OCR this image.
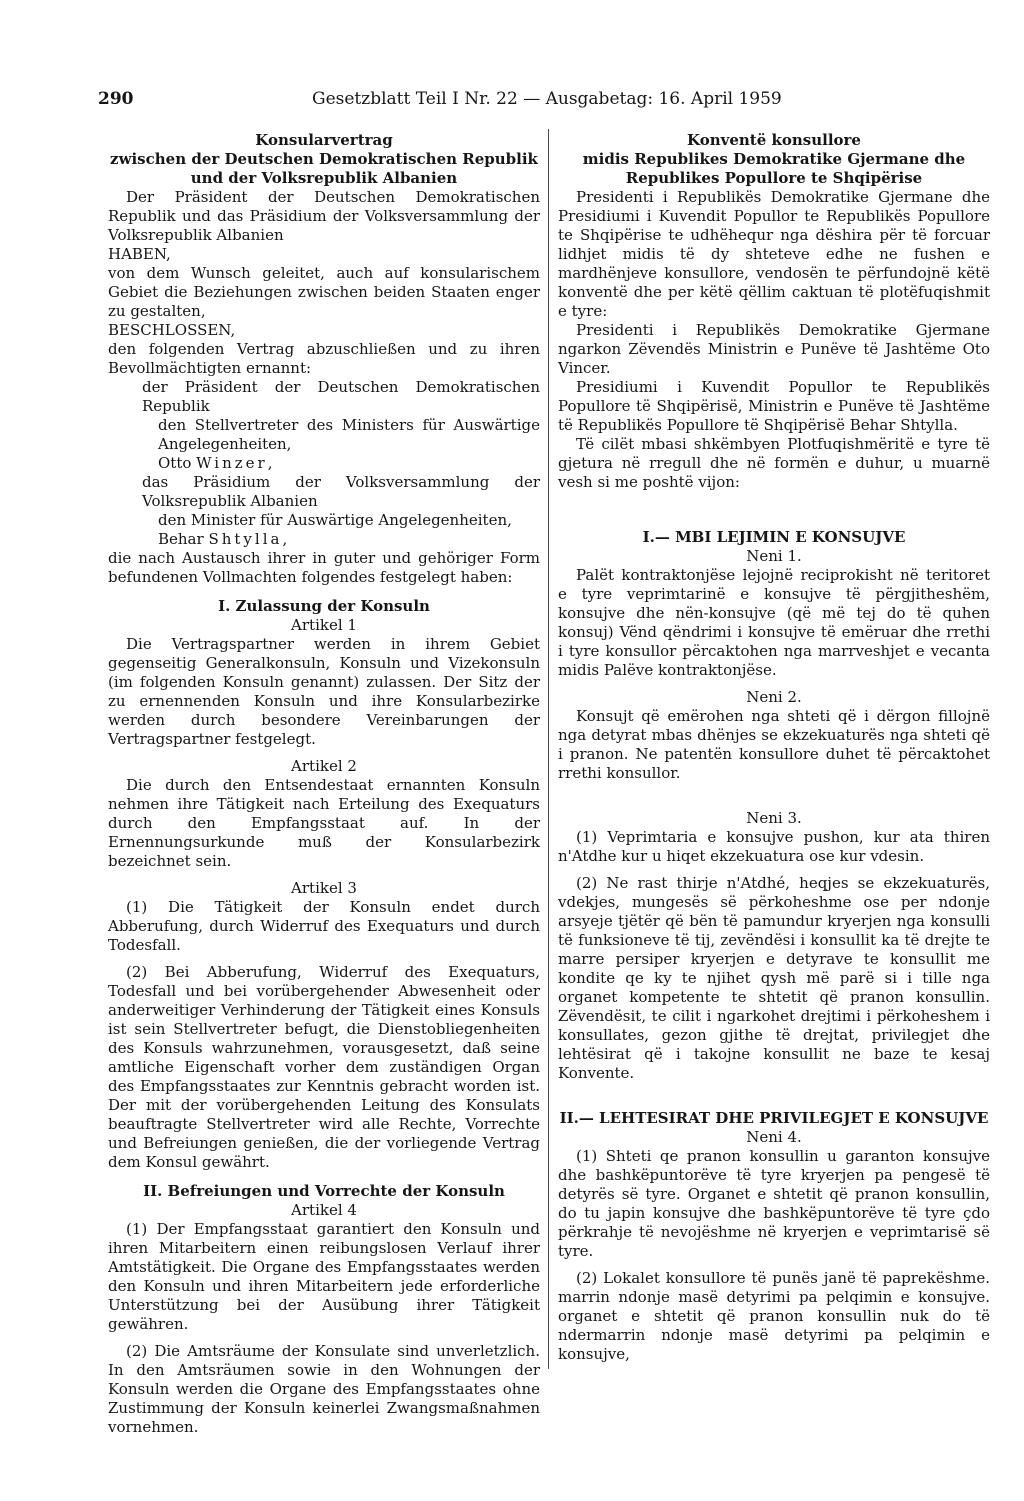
290	Gesetzblatt Teil I Nr. 22 — Ausgabetag: 16. April 1959
Konsularvertrag
zwischen der Deutschen Demokratischen Republik
und der Volksrepublik Albanien

Der Präsident der Deutschen Demokratischen Republik und das Präsidium der Volksversammlung der Volksrepublik Albanien

HABEN,

von dem Wunsch geleitet, auch auf konsularischem Gebiet die Beziehungen zwischen beiden Staaten enger zu gestalten,

BESCHLOSSEN,

den folgenden Vertrag abzuschließen und zu ihren Bevollmächtigten ernannt:

der Präsident der Deutschen Demokratischen Republik

den Stellvertreter des Ministers für Auswärtige Angelegenheiten,

Otto Winzer,

das Präsidium der Volksversammlung der Volksrepublik Albanien

den Minister für Auswärtige Angelegenheiten,

Behar Shtylla,

die nach Austausch ihrer in guter und gehöriger Form befundenen Vollmachten folgendes festgelegt haben:

I. Zulassung der Konsuln
Artikel 1

Die Vertragspartner werden in ihrem Gebiet gegenseitig Generalkonsuln, Konsuln und Vizekonsuln (im folgenden Konsuln genannt) zulassen. Der Sitz der zu ernennenden Konsuln und ihre Konsularbezirke werden durch besondere Vereinbarungen der Vertragspartner festgelegt.

Artikel 2

Die durch den Entsendestaat ernannten Konsuln nehmen ihre Tätigkeit nach Erteilung des Exequaturs durch den Empfangsstaat auf. In der Ernennungsurkunde muß der Konsularbezirk bezeichnet sein.

Artikel 3

(1) Die Tätigkeit der Konsuln endet durch Abberufung, durch Widerruf des Exequaturs und durch Todesfall.

(2) Bei Abberufung, Widerruf des Exequaturs, Todesfall und bei vorübergehender Abwesenheit oder anderweitiger Verhinderung der Tätigkeit eines Konsuls ist sein Stellvertreter befugt, die Dienstobliegenheiten des Konsuls wahrzunehmen, vorausgesetzt, daß seine amtliche Eigenschaft vorher dem zuständigen Organ des Empfangsstaates zur Kenntnis gebracht worden ist. Der mit der vorübergehenden Leitung des Konsulats beauftragte Stellvertreter wird alle Rechte, Vorrechte und Befreiungen genießen, die der vorliegende Vertrag dem Konsul gewährt.

II. Befreiungen und Vorrechte der Konsuln
Artikel 4

(1) Der Empfangsstaat garantiert den Konsuln und ihren Mitarbeitern einen reibungslosen Verlauf ihrer Amtstätigkeit. Die Organe des Empfangsstaates werden den Konsuln und ihren Mitarbeitern jede erforderliche Unterstützung bei der Ausübung ihrer Tätigkeit gewähren.

(2) Die Amtsräume der Konsulate sind unverletzlich. In den Amtsräumen sowie in den Wohnungen der Konsuln werden die Organe des Empfangsstaates ohne Zustimmung der Konsuln keinerlei Zwangsmaßnahmen vornehmen.

Konventë konsullore
midis Republikes Demokratike Gjermane dhe
Republikes Popullore te Shqipërise

Presidenti i Republikës Demokratike Gjermane dhe Presidiumi i Kuvendit Popullor te Republikës Popullore te Shqipërise te udhëhequr nga dëshira për të forcuar lidhjet midis të dy shteteve edhe ne fushen e mardhënjeve konsullore, vendosën te përfundojnë këtë konventë dhe per këtë qëllim caktuan të plotëfuqishmit e tyre:

Presidenti i Republikës Demokratike Gjermane ngarkon Zëvendës Ministrin e Punëve të Jashtëme Oto Vincer.

Presidiumi i Kuvendit Popullor te Republikës Popullore të Shqipërisë, Ministrin e Punëve të Jashtëme të Republikës Popullore të Shqipërisë Behar Shtylla.

Të cilët mbasi shkëmbyen Plotfuqishmëritë e tyre të gjetura në rregull dhe në formën e duhur, u muarnë vesh si me poshtë vijon:

I.— MBI LEJIMIN E KONSUJVE
Neni 1.

Palët kontraktonjëse lejojnë reciprokisht në teritoret e tyre veprimtarinë e konsujve të përgjitheshëm, konsujve dhe nën-konsujve (që më tej do të quhen konsuj) Vënd qëndrimi i konsujve të emëruar dhe rrethi i tyre konsullor përcaktohen nga marrveshjet e vecanta midis Palëve kontraktonjëse.

Neni 2.

Konsujt që emërohen nga shteti që i dërgon fillojnë nga detyrat mbas dhënjes se ekzekuaturës nga shteti që i pranon. Ne patentën konsullore duhet të përcaktohet rrethi konsullor.

Neni 3.

(1) Veprimtaria e konsujve pushon, kur ata thiren n'Atdhe kur u hiqet ekzekuatura ose kur vdesin.

(2) Ne rast thirje n'Atdhé, heqjes se ekzekuaturës, vdekjes, mungesës së përkoheshme ose per ndonje arsyeje tjëtër që bën të pamundur kryerjen nga konsulli të funksioneve të tij, zevëndësi i konsullit ka të drejte te marre persiper kryerjen e detyrave te konsullit me kondite qe ky te njihet qysh më parë si i tille nga organet kompetente te shtetit që pranon konsullin. Zëvendësit, te cilit i ngarkohet drejtimi i përkoheshem i konsullates, gezon gjithe të drejtat, privilegjet dhe lehtësirat që i takojne konsullit ne baze te kesaj Konvente.

II.— LEHTESIRAT DHE PRIVILEGJET E KONSUJVE
Neni 4.

(1) Shteti qe pranon konsullin u garanton konsujve dhe bashkëpuntorëve të tyre kryerjen pa pengesë të detyrës së tyre. Organet e shtetit që pranon konsullin, do tu japin konsujve dhe bashkëpuntorëve të tyre çdo përkrahje të nevojëshme në kryerjen e veprimtarisë së tyre.

(2) Lokalet konsullore të punës janë të paprekëshme. marrin ndonje masë detyrimi pa pelqimin e konsujve. organet e shtetit që pranon konsullin nuk do të ndermarrin ndonje masë detyrimi pa pelqimin e konsujve,
